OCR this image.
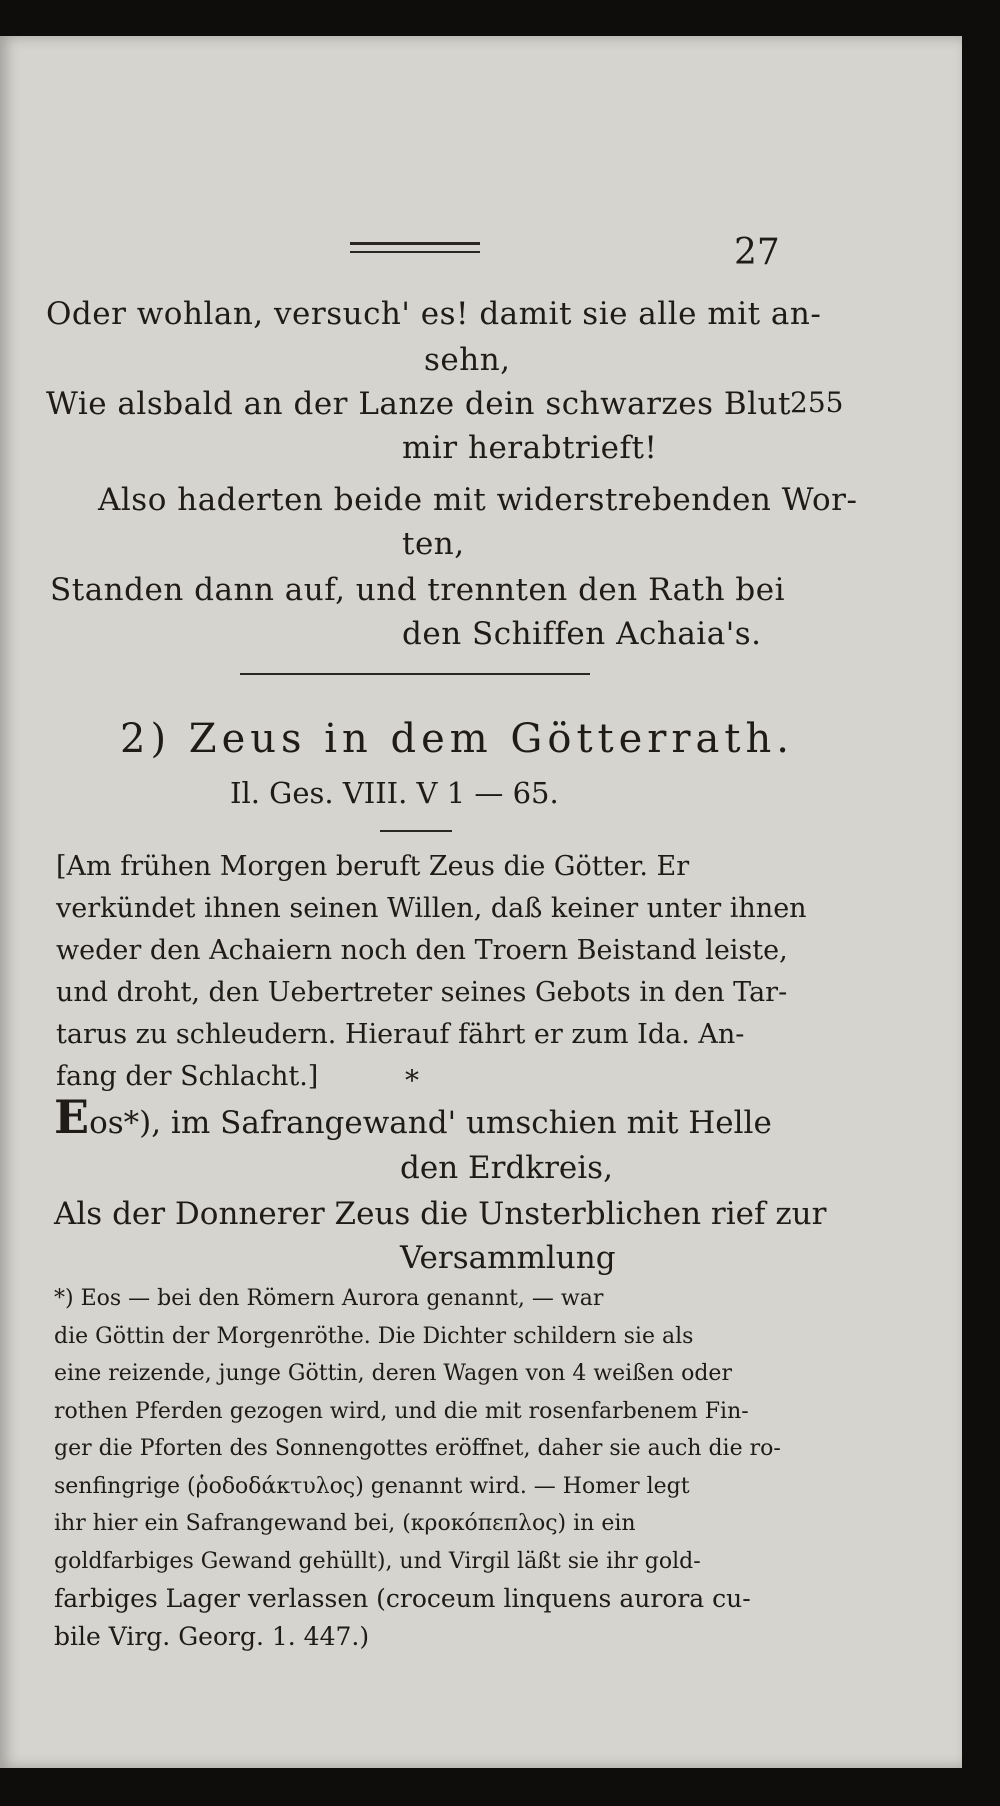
27
Oder wohlan, versuch' es! damit sie alle mit an-
sehn,
Wie alsbald an der Lanze dein schwarzes Blut 255
mir herabtrieft!
Also haderten beide mit widerstrebenden Wor-
ten,
Standen dann auf, und trennten den Rath bei
den Schiffen Achaia's.
2) Zeus in dem Götterrath.
Il. Ges. VIII. V 1 — 65.
[Am frühen Morgen beruft Zeus die Götter. Er
verkündet ihnen seinen Willen, daß keiner unter ihnen
weder den Achaiern noch den Troern Beistand leiste,
und droht, den Uebertreter seines Gebots in den Tar-
tarus zu schleudern. Hierauf fährt er zum Ida. An-
fang der Schlacht.]	*
Eos*), im Safrangewand' umschien mit Helle
den Erdkreis,
Als der Donnerer Zeus die Unsterblichen rief zur
Versammlung
*) Eos — bei den Römern Aurora genannt, — war
die Göttin der Morgenröthe. Die Dichter schildern sie als
eine reizende, junge Göttin, deren Wagen von 4 weißen oder
rothen Pferden gezogen wird, und die mit rosenfarbenem Fin-
ger die Pforten des Sonnengottes eröffnet, daher sie auch die ro-
senfingrige (ῥοδοδάκτυλος) genannt wird. — Homer legt
ihr hier ein Safrangewand bei, (κροκόπεπλος) in ein
goldfarbiges Gewand gehüllt), und Virgil läßt sie ihr gold-
farbiges Lager verlassen (croceum linquens aurora cu-
bile Virg. Georg. 1. 447.)
